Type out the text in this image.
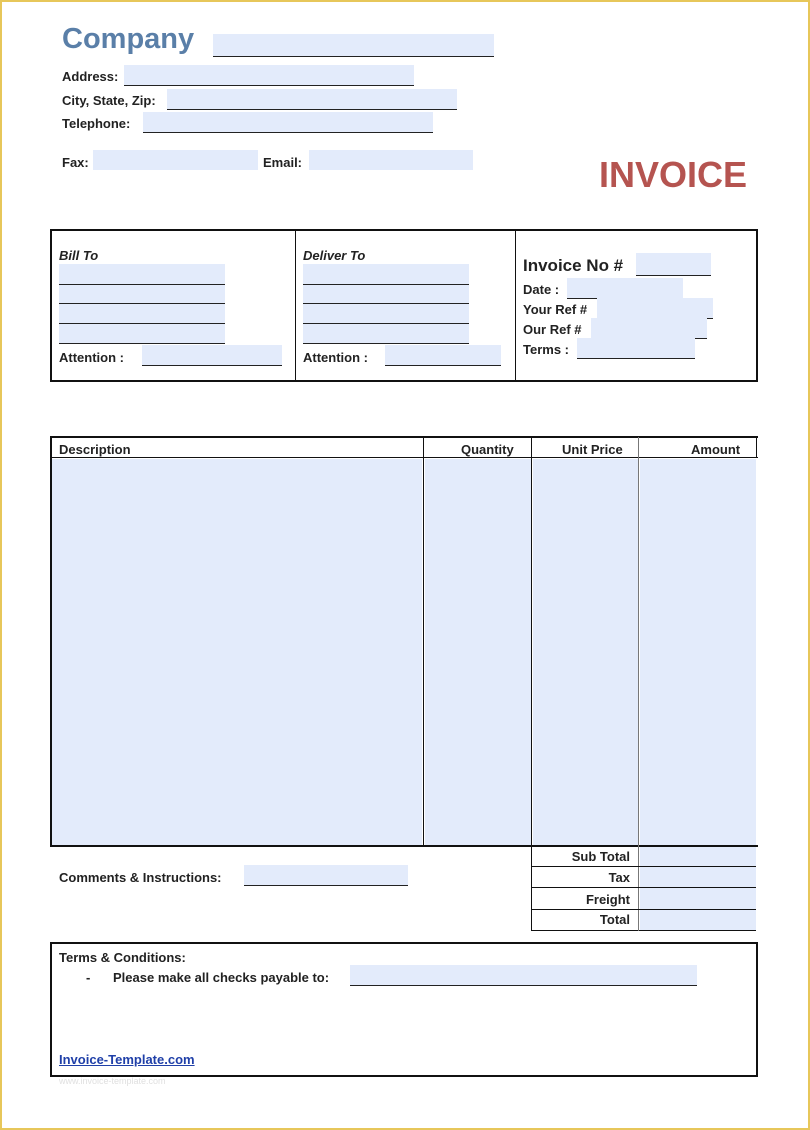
Company
Address:
City, State, Zip:
Telephone:
Fax:	Email:	INVOICE
Bill To
Attention :
Deliver To
Attention :
Invoice No #
Date :
Your Ref #
Our Ref #
Terms :
Description	Quantity	Unit Price	Amount
Sub Total
Tax
Freight
Total
Comments & Instructions:
Terms & Conditions:
- Please make all checks payable to:
Invoice-Template.com
www.invoice-template.com
